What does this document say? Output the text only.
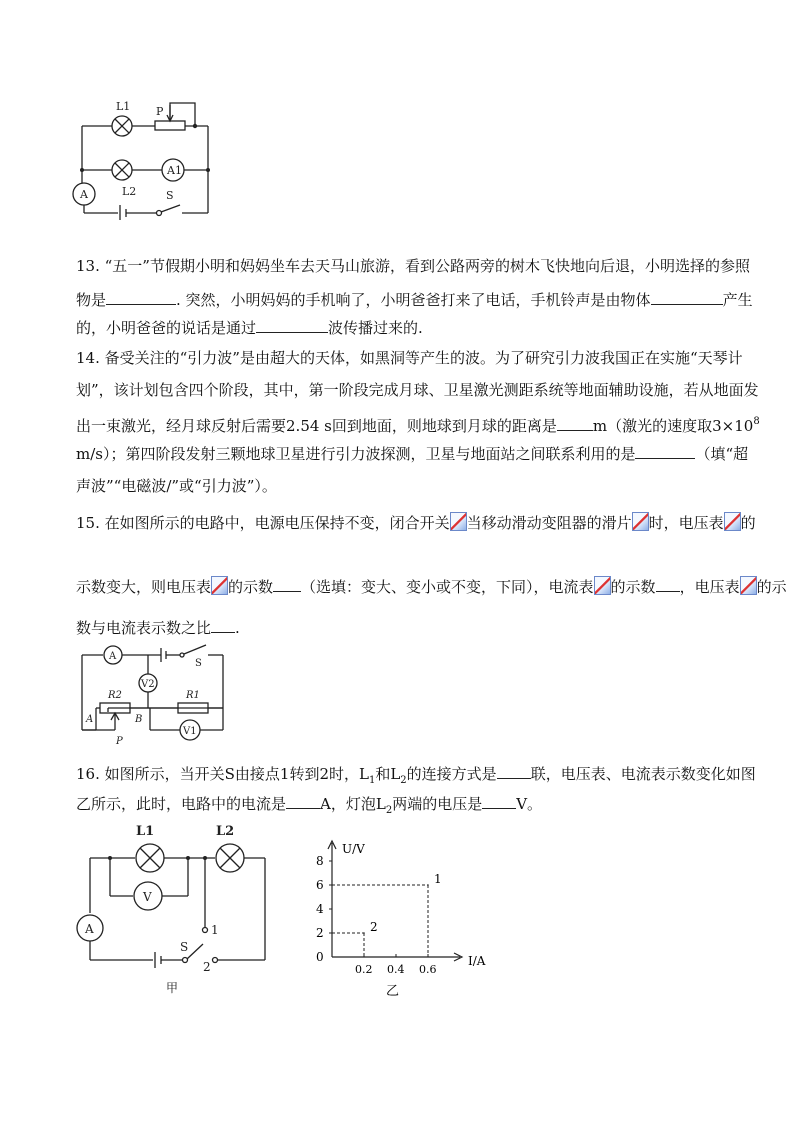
L1 P
A1
A	L2	S
13. “五一”节假期小明和妈妈坐车去天马山旅游，看到公路两旁的树木飞快地向后退，小明选择的参照
物是	. 突然，小明妈妈的手机响了，小明爸爸打来了电话，手机铃声是由物体	产生
的，小明爸爸的说话是通过	波传播过来的.
14. 备受关注的“引力波”是由超大的天体，如黑洞等产生的波。为了研究引力波我国正在实施“天琴计
划”，该计划包含四个阶段，其中，第一阶段完成月球、卫星激光测距系统等地面辅助设施，若从地面发
出一束激光，经月球反射后需要2.54 s回到地面，则地球到月球的距离是 m（激光的速度取$3\times 10^8$
m/s）；第四阶段发射三颗地球卫星进行引力波探测，卫星与地面站之间联系利用的是	（填“超
声波”“电磁波/”或“引力波”）。
15. 在如图所示的电路中，电源电压保持不变，闭合开关 当移动滑动变阻器的滑片 时，电压表 的
示数变大，则电压表 的示数 （选填：变大、变小或不变，下同），电流表 的示数 ，电压表 的示
数与电流表示数之比 .
A
S
V2
R2	R1
A	B
P
V1
16. 如图所示，当开关S由接点1转到2时，$L_1$和$L_2$的连接方式是 联，电压表、电流表示数变化如图
乙所示，此时，电路中的电流是 A，灯泡$L_2$两端的电压是 V。
L1	L2
V
A
S
1
2
甲
U/V
I/A
乙
0
2
4
6
8
0.2 0.4 0.6
1
2
